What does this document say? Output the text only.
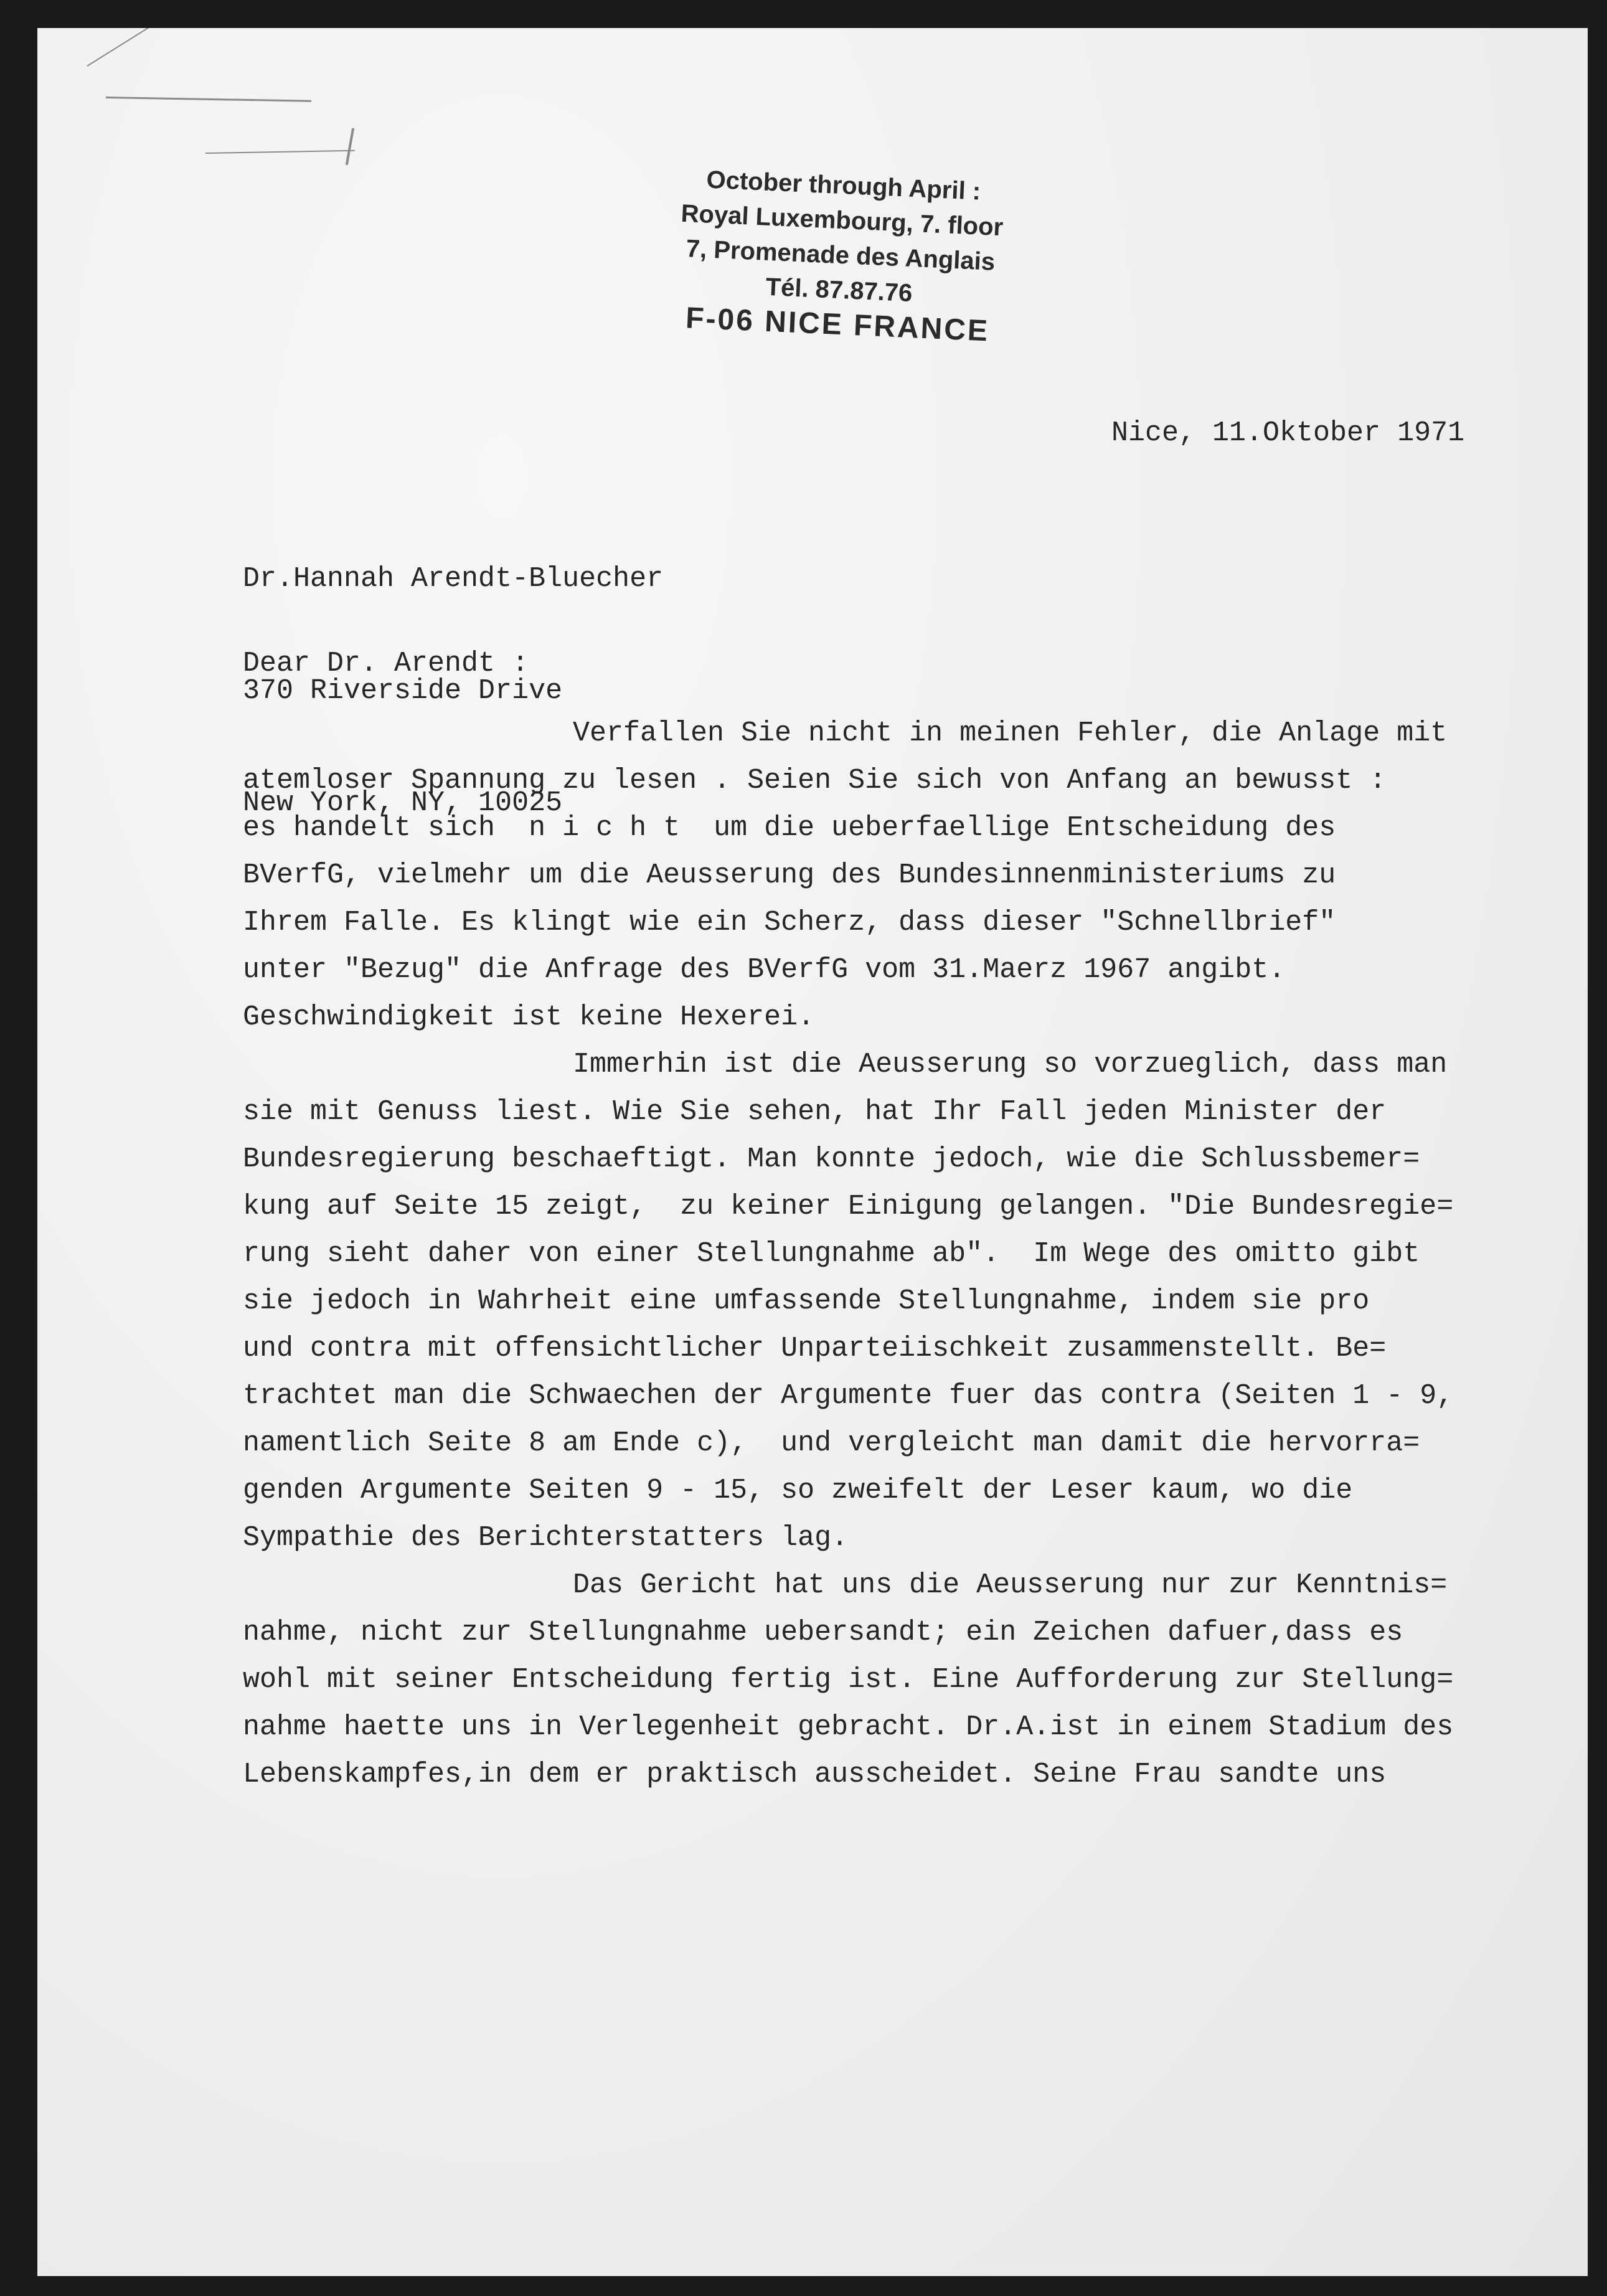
October through April :
Royal Luxembourg, 7. floor
7, Promenade des Anglais
Tél. 87.87.76
F-06 NICE FRANCE
Nice, 11.Oktober 1971

Dr.Hannah Arendt-Bluecher

370 Riverside Drive

New York, NY, 10025

Dear Dr. Arendt :
Verfallen Sie nicht in meinen Fehler, die Anlage mit
atemloser Spannung zu lesen . Seien Sie sich von Anfang an bewusst :
es handelt sich  n i c h t  um die ueberfaellige Entscheidung des
BVerfG, vielmehr um die Aeusserung des Bundesinnenministeriums zu
Ihrem Falle. Es klingt wie ein Scherz, dass dieser "Schnellbrief"
unter "Bezug" die Anfrage des BVerfG vom 31.Maerz 1967 angibt.
Geschwindigkeit ist keine Hexerei.
Immerhin ist die Aeusserung so vorzueglich, dass man
sie mit Genuss liest. Wie Sie sehen, hat Ihr Fall jeden Minister der
Bundesregierung beschaeftigt. Man konnte jedoch, wie die Schlussbemer=
kung auf Seite 15 zeigt,  zu keiner Einigung gelangen. "Die Bundesregie=
rung sieht daher von einer Stellungnahme ab".  Im Wege des omitto gibt
sie jedoch in Wahrheit eine umfassende Stellungnahme, indem sie pro
und contra mit offensichtlicher Unparteiischkeit zusammenstellt. Be=
trachtet man die Schwaechen der Argumente fuer das contra (Seiten 1 - 9,
namentlich Seite 8 am Ende c),  und vergleicht man damit die hervorra=
genden Argumente Seiten 9 - 15, so zweifelt der Leser kaum, wo die
Sympathie des Berichterstatters lag.
Das Gericht hat uns die Aeusserung nur zur Kenntnis=
nahme, nicht zur Stellungnahme uebersandt; ein Zeichen dafuer,dass es
wohl mit seiner Entscheidung fertig ist. Eine Aufforderung zur Stellung=
nahme haette uns in Verlegenheit gebracht. Dr.A.ist in einem Stadium des
Lebenskampfes,in dem er praktisch ausscheidet. Seine Frau sandte uns
